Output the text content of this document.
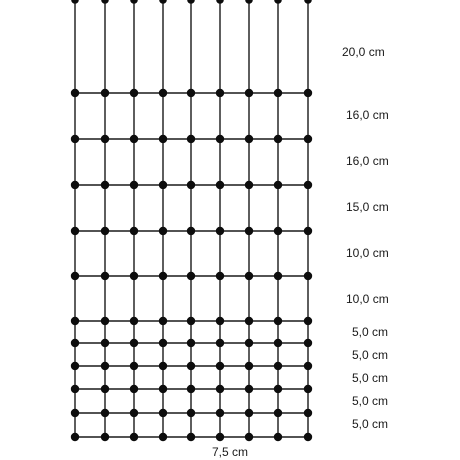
20,0 cm
16,0 cm
16,0 cm
15,0 cm
10,0 cm
10,0 cm
5,0 cm
5,0 cm
5,0 cm
5,0 cm
5,0 cm
7,5 cm
